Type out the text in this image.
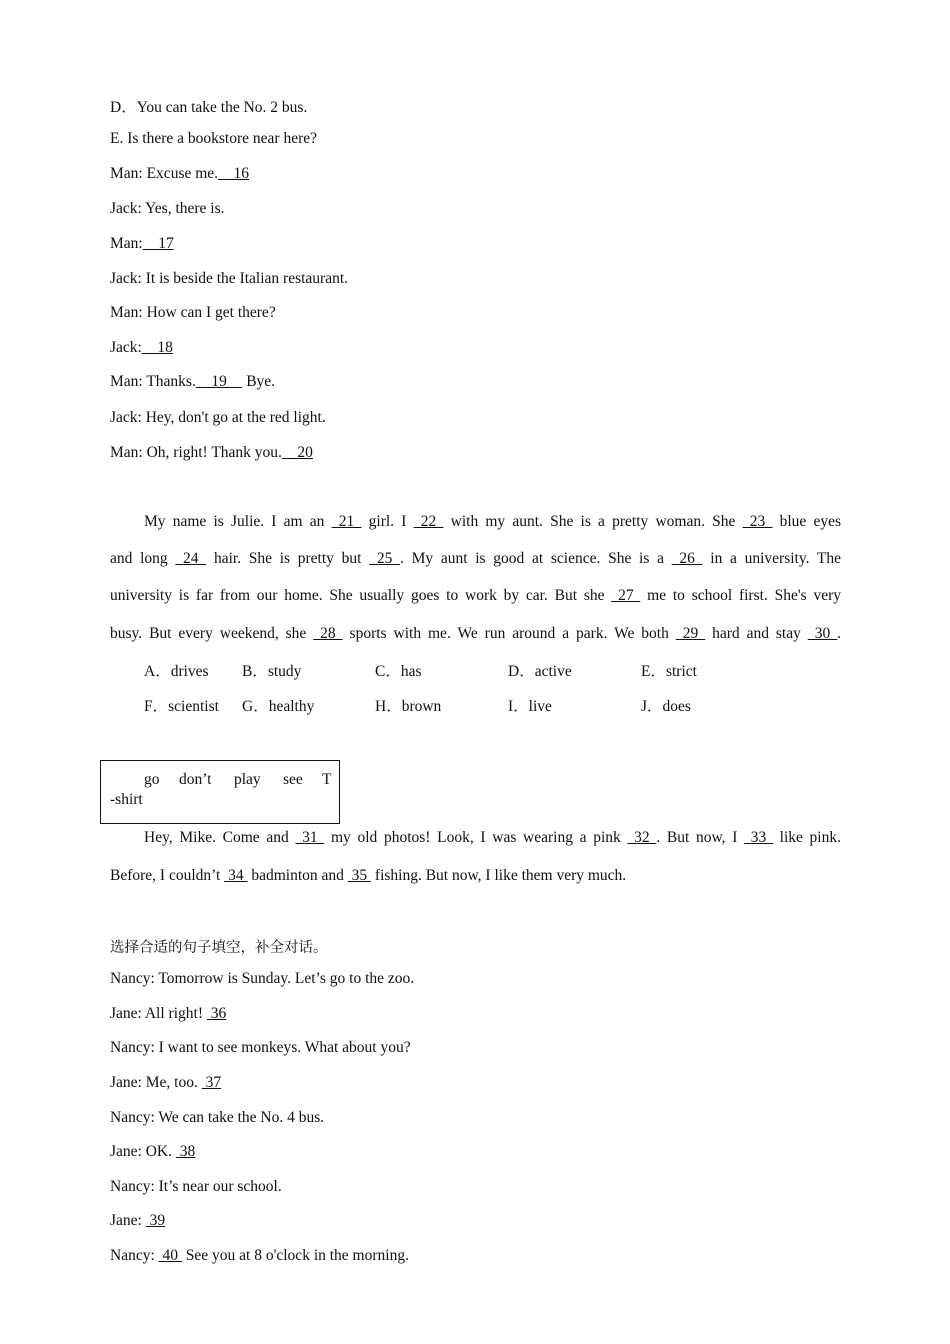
D．You can take the No. 2 bus.
E. Is there a bookstore near here?
Man: Excuse me.    16
Jack: Yes, there is.
Man:    17
Jack: It is beside the Italian restaurant.
Man: How can I get there?
Jack:    18
Man: Thanks.    19     Bye.
Jack: Hey, don't go at the red light.
Man: Oh, right! Thank you.    20
My name is Julie. I am an  21  girl. I  22  with my aunt. She is a pretty woman. She  23  blue eyes
and long  24  hair. She is pretty but  25 . My aunt is good at science. She is a  26  in a university. The
university is far from our home. She usually goes to work by car. But she  27  me to school first. She's very
busy. But every weekend, she  28  sports with me. We run around a park. We both  29  hard and stay  30 .
A．drives B．study	C．has	D．active	E．strict
F．scientist G．healthy	H．brown	I．live	J．does
go don’t play see T
-shirt
Hey, Mike. Come and  31  my old photos! Look, I was wearing a pink  32 . But now, I  33  like pink.
Before, I couldn’t  34  badminton and  35  fishing. But now, I like them very much.
选择合适的句子填空，补全对话。
Nancy: Tomorrow is Sunday. Let’s go to the zoo.
Jane: All right!  36
Nancy: I want to see monkeys. What about you?
Jane: Me, too.  37
Nancy: We can take the No. 4 bus.
Jane: OK.  38
Nancy: It’s near our school.
Jane:  39
Nancy:  40  See you at 8 o'clock in the morning.
